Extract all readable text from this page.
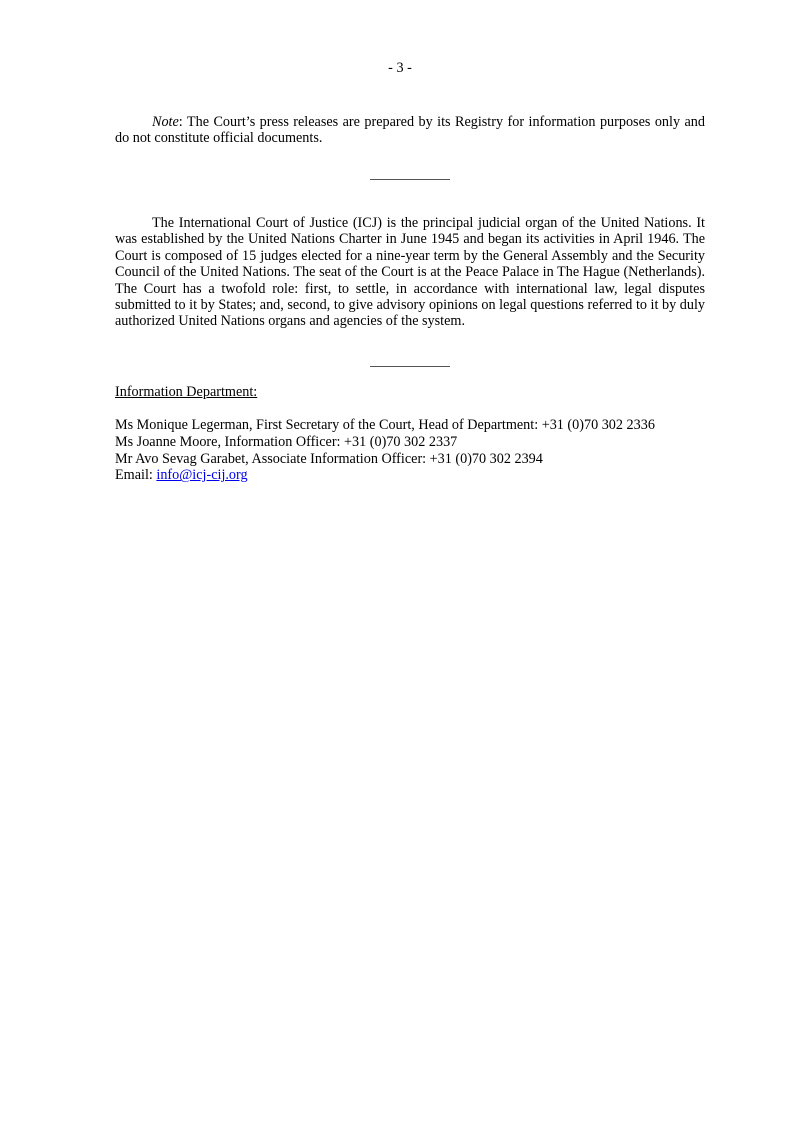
- 3 -

Note: The Court’s press releases are prepared by its Registry for information purposes only and do not constitute official documents.

The International Court of Justice (ICJ) is the principal judicial organ of the United Nations. It was established by the United Nations Charter in June 1945 and began its activities in April 1946. The Court is composed of 15 judges elected for a nine-year term by the General Assembly and the Security Council of the United Nations. The seat of the Court is at the Peace Palace in The Hague (Netherlands). The Court has a twofold role: first, to settle, in accordance with international law, legal disputes submitted to it by States; and, second, to give advisory opinions on legal questions referred to it by duly authorized United Nations organs and agencies of the system.

Information Department:
Ms Monique Legerman, First Secretary of the Court, Head of Department: +31 (0)70 302 2336
Ms Joanne Moore, Information Officer: +31 (0)70 302 2337
Mr Avo Sevag Garabet, Associate Information Officer: +31 (0)70 302 2394
Email: info@icj-cij.org
